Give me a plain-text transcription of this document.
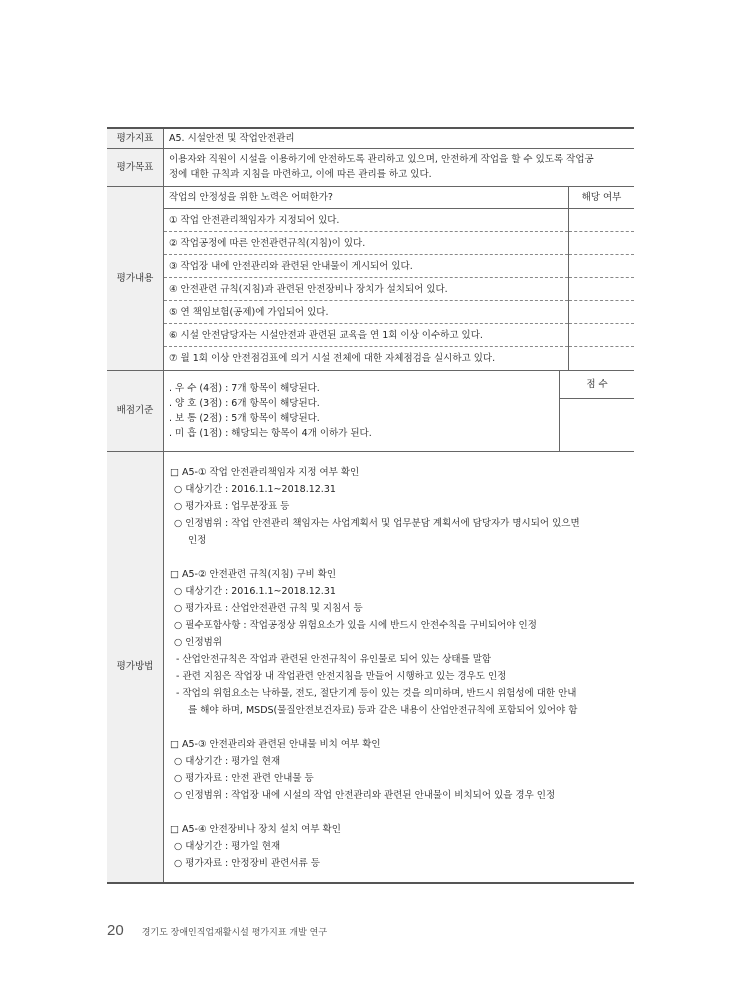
평가지표	A5. 시설안전 및 작업안전관리
평가목표	
이용자와 직원이 시설을 이용하기에 안전하도록 관리하고 있으며, 안전하게 작업을 할 수 있도록 작업공
정에 대한 규칙과 지침을 마련하고, 이에 따른 관리를 하고 있다.

평가내용	
작업의 안정성을 위한 노력은 어떠한가?	해당 여부
① 작업 안전관리책임자가 지정되어 있다.	
② 작업공정에 따른 안전관련규칙(지침)이 있다.	
③ 작업장 내에 안전관리와 관련된 안내물이 게시되어 있다.	
④ 안전관련 규칙(지침)과 관련된 안전장비나 장치가 설치되어 있다.	
⑤ 연 책임보험(공제)에 가입되어 있다.	
⑥ 시설 안전담당자는 시설안전과 관련된 교육을 연 1회 이상 이수하고 있다.	
⑦ 월 1회 이상 안전점검표에 의거 시설 전체에 대한 자체점검을 실시하고 있다.	

배점기준	
. 우 수 (4점) : 7개 항목이 해당된다.
. 양 호 (3점) : 6개 항목이 해당된다.
. 보 통 (2점) : 5개 항목이 해당된다.
. 미 흡 (1점) : 해당되는 항목이 4개 이하가 된다.
	점 수

평가방법	
□ A5-① 작업 안전관리책임자 지정 여부 확인
○ 대상기간 : 2016.1.1~2018.12.31
○ 평가자료 : 업무분장표 등
○ 인정범위 : 작업 안전관리 책임자는 사업계획서 및 업무분담 계획서에 담당자가 명시되어 있으면
인정
□ A5-② 안전관련 규칙(지침) 구비 확인
○ 대상기간 : 2016.1.1~2018.12.31
○ 평가자료 : 산업안전관련 규칙 및 지침서 등
○ 필수포함사항 : 작업공정상 위험요소가 있을 시에 반드시 안전수칙을 구비되어야 인정
○ 인정범위
- 산업안전규칙은 작업과 관련된 안전규칙이 유인물로 되어 있는 상태를 말함
- 관련 지침은 작업장 내 작업관련 안전지침을 만들어 시행하고 있는 경우도 인정
- 작업의 위험요소는 낙하물, 전도, 절단기계 등이 있는 것을 의미하며, 반드시 위험성에 대한 안내
를 해야 하며, MSDS(물질안전보건자료) 등과 같은 내용이 산업안전규칙에 포함되어 있어야 함
□ A5-③ 안전관리와 관련된 안내물 비치 여부 확인
○ 대상기간 : 평가일 현재
○ 평가자료 : 안전 관련 안내물 등
○ 인정범위 : 작업장 내에 시설의 작업 안전관리와 관련된 안내물이 비치되어 있을 경우 인정
□ A5-④ 안전장비나 장치 설치 여부 확인
○ 대상기간 : 평가일 현재
○ 평가자료 : 안정장비 관련서류 등
20 경기도 장애인직업재활시설 평가지표 개발 연구
